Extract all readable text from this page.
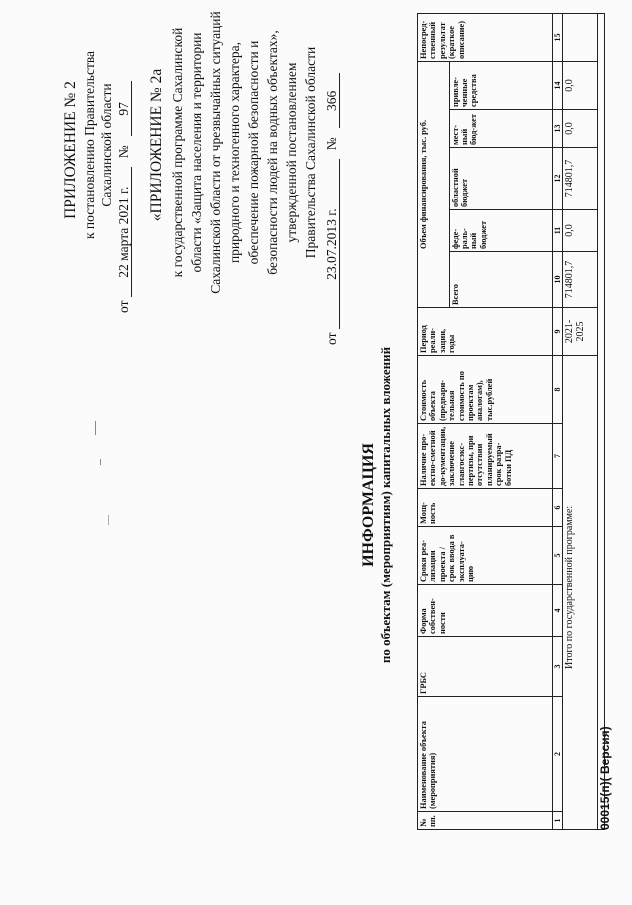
ПРИЛОЖЕНИЕ № 2 к постановлению Правительства Сахалинской области
от 22 марта 2021 г. № 97 «ПРИЛОЖЕНИЕ № 2а к государственной программе Сахалинской области «Защита населения и территории Сахалинской области от чрезвычайных ситуаций природного и техногенного характера, обеспечение пожарной безопасности и безопасности людей на водных объектах», утвержденной постановлением Правительства Сахалинской области
от 23.07.2013 г. № 366
ИНФОРМАЦИЯ по объектам (мероприятиям) капитальных вложений
№ пп.	Наименование объекта (мероприятия)	ГРБС	Форма собствен-ности	Сроки реа-лизации проекта / срок ввода в эксплуата-цию	Мощ-ность	Наличие про-ектно-сметной до-кументации, заключение главгосэкс-пертизы, при отсутствии планируемый срок разра-ботки ПД	Стоимость объекта (предвари-тельная стоимость по проектам аналогам), тыс.рублей	Период реали-зации, годы	Объем финансирования, тыс. руб.					Непосред-ственный результат (краткое описание)
									Всего	феде-раль-ный бюджет	областной бюджет	мест-ный бюд-жет	привле-ченные средства	
1	2	3	4	5	6	7	8	9	10	11	12	13	14	15
Итого по государственной программе:								2021-2025	714801,7	0,0	714801,7	0,0	0,0	

00015(п)( Версия)
